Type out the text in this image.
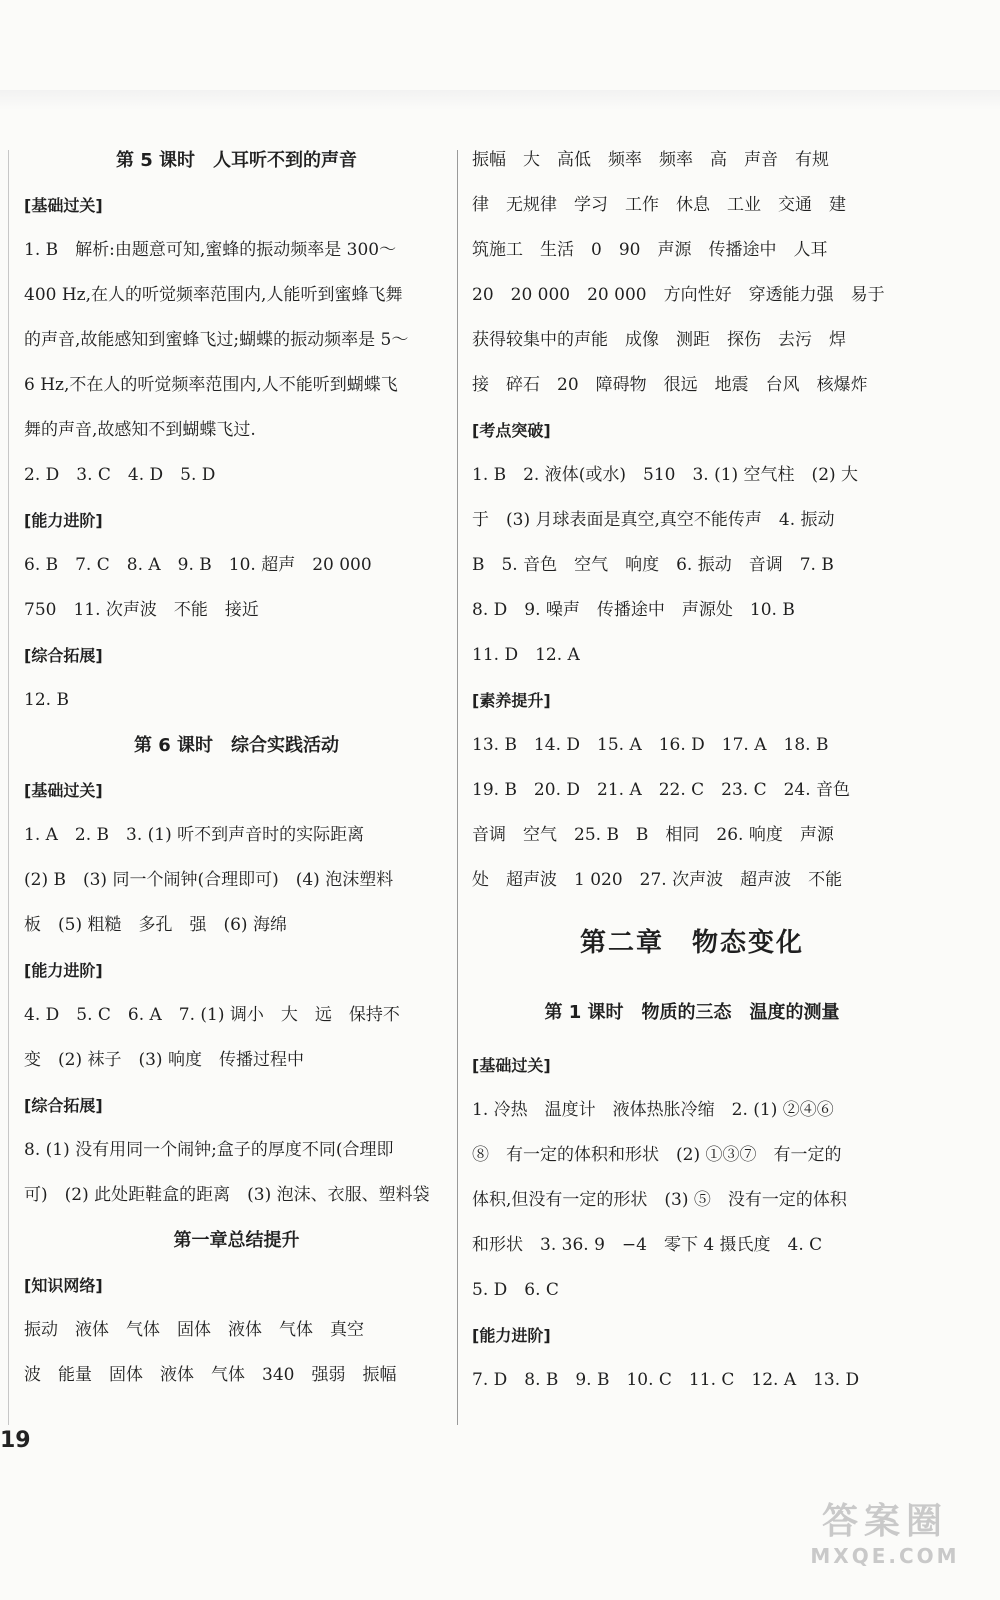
第 5 课时　人耳听不到的声音
[基础过关]
1. B　解析:由题意可知,蜜蜂的振动频率是 300～
400 Hz,在人的听觉频率范围内,人能听到蜜蜂飞舞
的声音,故能感知到蜜蜂飞过;蝴蝶的振动频率是 5～
6 Hz,不在人的听觉频率范围内,人不能听到蝴蝶飞
舞的声音,故感知不到蝴蝶飞过.
2. D　3. C　4. D　5. D
[能力进阶]
6. B　7. C　8. A　9. B　10. 超声　20 000
750　11. 次声波　不能　接近
[综合拓展]
12. B
第 6 课时　综合实践活动
[基础过关]
1. A　2. B　3. (1) 听不到声音时的实际距离
(2) B　(3) 同一个闹钟(合理即可)　(4) 泡沫塑料
板　(5) 粗糙　多孔　强　(6) 海绵
[能力进阶]
4. D　5. C　6. A　7. (1) 调小　大　远　保持不
变　(2) 袜子　(3) 响度　传播过程中
[综合拓展]
8. (1) 没有用同一个闹钟;盒子的厚度不同(合理即
可)　(2) 此处距鞋盒的距离　(3) 泡沫、衣服、塑料袋
第一章总结提升
[知识网络]
振动　液体　气体　固体　液体　气体　真空
波　能量　固体　液体　气体　340　强弱　振幅
振幅　大　高低　频率　频率　高　声音　有规
律　无规律　学习　工作　休息　工业　交通　建
筑施工　生活　0　90　声源　传播途中　人耳
20　20 000　20 000　方向性好　穿透能力强　易于
获得较集中的声能　成像　测距　探伤　去污　焊
接　碎石　20　障碍物　很远　地震　台风　核爆炸
[考点突破]
1. B　2. 液体(或水)　510　3. (1) 空气柱　(2) 大
于　(3) 月球表面是真空,真空不能传声　4. 振动
B　5. 音色　空气　响度　6. 振动　音调　7. B
8. D　9. 噪声　传播途中　声源处　10. B
11. D　12. A
[素养提升]
13. B　14. D　15. A　16. D　17. A　18. B
19. B　20. D　21. A　22. C　23. C　24. 音色
音调　空气　25. B　B　相同　26. 响度　声源
处　超声波　1 020　27. 次声波　超声波　不能
第二章　物态变化
第 1 课时　物质的三态　温度的测量
[基础过关]
1. 冷热　温度计　液体热胀冷缩　2. (1) ②④⑥
⑧　有一定的体积和形状　(2) ①③⑦　有一定的
体积,但没有一定的形状　(3) ⑤　没有一定的体积
和形状　3. 36. 9　−4　零下 4 摄氏度　4. C
5. D　6. C
[能力进阶]
7. D　8. B　9. B　10. C　11. C　12. A　13. D
19
答案圈
MXQE.COM
